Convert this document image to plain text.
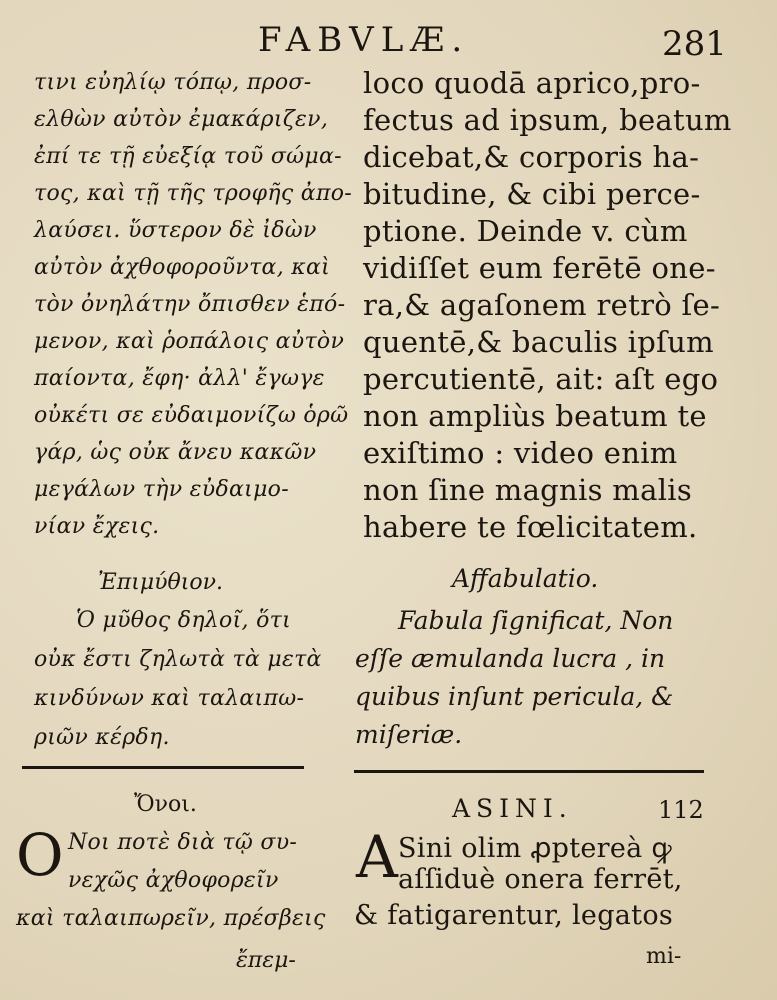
FABVLÆ.	281
τινι εὐηλίῳ τόπῳ, προσ-
ελθὼν αὐτὸν ἐμακάριζεν,
ἐπί τε τῇ εὐεξίᾳ τοῦ σώμα-
τος, καὶ τῇ τῆς τροφῆς ἀπο-
λαύσει. ὕστερον δὲ ἰδὼν
αὐτὸν ἀχθοφοροῦντα, καὶ
τὸν ὀνηλάτην ὄπισθεν ἑπό-
μενον, καὶ ῥοπάλοις αὐτὸν
παίοντα, ἔφη· ἀλλ' ἔγωγε
οὐκέτι σε εὐδαιμονίζω ὁρῶ
γάρ, ὡς οὐκ ἄνευ κακῶν
μεγάλων τὴν εὐδαιμο-
νίαν ἔχεις.
Ἐπιμύθιον.
Ὁ μῦθος δηλοῖ, ὅτι
οὐκ ἔστι ζηλωτὰ τὰ μετὰ
κινδύνων καὶ ταλαιπω-
ριῶν κέρδη.
Ὄνοι.
Ο Νοι ποτὲ διὰ τῷ συ-
νεχῶς ἀχθοφορεῖν
καὶ ταλαιπωρεῖν, πρέσβεις
ἔπεμ-
loco quodā aprico,pro-
fectus ad ipsum, beatum
dicebat,& corporis ha-
bitudine, & cibi perce-
ptione. Deinde v. cùm
vidiſſet eum ferētē one-
ra,& agaſonem retrò ſe-
quentē,& baculis ipſum
percutientē, ait: aſt ego
non ampliùs beatum te
exiſtimo : video enim
non ſine magnis malis
habere te fœlicitatem.
Affabulatio.
Fabula ſignificat, Non
eſſe æmulanda lucra , in
quibus inſunt pericula, &
miſeriæ.
ASINI.	112
A Sini olim ꝓptereà ꝙ
aſſiduè onera ferrēt,
& fatigarentur, legatos
mi-
